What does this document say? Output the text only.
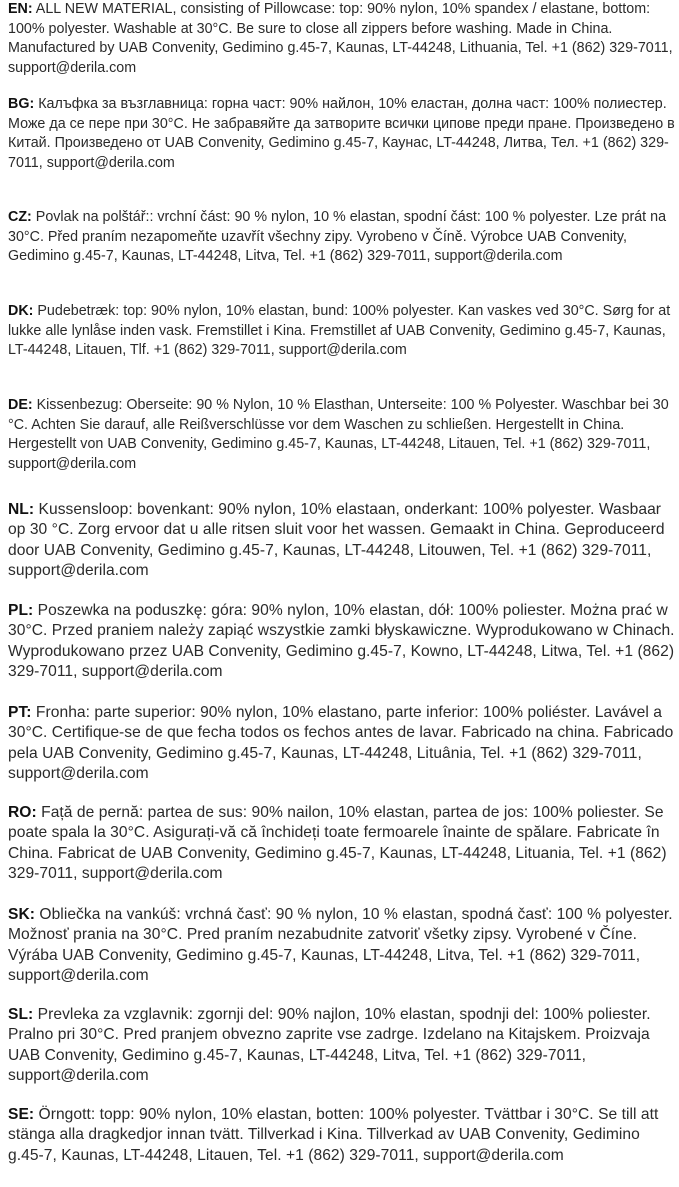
EN: ALL NEW MATERIAL, consisting of Pillowcase: top: 90% nylon, 10% spandex / elastane, bottom: 100% polyester. Washable at 30°C. Be sure to close all zippers before washing. Made in China. Manufactured by UAB Convenity, Gedimino g.45-7, Kaunas, LT-44248, Lithuania, Tel. +1 (862) 329-7011, support@derila.com

BG: Калъфка за възглавница: горна част: 90% найлон, 10% еластан, долна част: 100% полиестер. Може да се пере при 30°C. Не забравяйте да затворите всички ципове преди пране. Произведено в Китай. Произведено от UAB Convenity, Gedimino g.45-7, Каунас, LT-44248, Литва, Тел. +1 (862) 329-7011, support@derila.com

CZ: Povlak na polštář:: vrchní část: 90 % nylon, 10 % elastan, spodní část: 100 % polyester. Lze prát na 30°C. Před praním nezapomeňte uzavřít všechny zipy. Vyrobeno v Číně. Výrobce UAB Convenity, Gedimino g.45-7, Kaunas, LT-44248, Litva, Tel. +1 (862) 329-7011, support@derila.com

DK: Pudebetræk: top: 90% nylon, 10% elastan, bund: 100% polyester. Kan vaskes ved 30°C. Sørg for at lukke alle lynlåse inden vask. Fremstillet i Kina. Fremstillet af UAB Convenity, Gedimino g.45-7, Kaunas, LT-44248, Litauen, Tlf. +1 (862) 329-7011, support@derila.com

DE: Kissenbezug: Oberseite: 90 % Nylon, 10 % Elasthan, Unterseite: 100 % Polyester. Waschbar bei 30 °C. Achten Sie darauf, alle Reißverschlüsse vor dem Waschen zu schließen. Hergestellt in China. Hergestellt von UAB Convenity, Gedimino g.45-7, Kaunas, LT-44248, Litauen, Tel. +1 (862) 329-7011, support@derila.com

NL: Kussensloop: bovenkant: 90% nylon, 10% elastaan, onderkant: 100% polyester. Wasbaar op 30 °C. Zorg ervoor dat u alle ritsen sluit voor het wassen. Gemaakt in China. Geproduceerd door UAB Convenity, Gedimino g.45-7, Kaunas, LT-44248, Litouwen, Tel. +1 (862) 329-7011, support@derila.com

PL: Poszewka na poduszkę: góra: 90% nylon, 10% elastan, dół: 100% poliester. Można prać w 30°C. Przed praniem należy zapiąć wszystkie zamki błyskawiczne. Wyprodukowano w Chinach. Wyprodukowano przez UAB Convenity, Gedimino g.45-7, Kowno, LT-44248, Litwa, Tel. +1 (862) 329-7011, support@derila.com

PT: Fronha: parte superior: 90% nylon, 10% elastano, parte inferior: 100% poliéster. Lavável a 30°C. Certifique-se de que fecha todos os fechos antes de lavar. Fabricado na china. Fabricado pela UAB Convenity, Gedimino g.45-7, Kaunas, LT-44248, Lituânia, Tel. +1 (862) 329-7011, support@derila.com

RO: Față de pernă: partea de sus: 90% nailon, 10% elastan, partea de jos: 100% poliester. Se poate spala la 30°C. Asigurați-vă că închideți toate fermoarele înainte de spălare. Fabricate în China. Fabricat de UAB Convenity, Gedimino g.45-7, Kaunas, LT-44248, Lituania, Tel. +1 (862) 329-7011, support@derila.com

SK: Obliečka na vankúš: vrchná časť: 90 % nylon, 10 % elastan, spodná časť: 100 % polyester. Možnosť prania na 30°C. Pred praním nezabudnite zatvoriť všetky zipsy. Vyrobené v Číne. Výrába UAB Convenity, Gedimino g.45-7, Kaunas, LT-44248, Litva, Tel. +1 (862) 329-7011, support@derila.com

SL: Prevleka za vzglavnik: zgornji del: 90% najlon, 10% elastan, spodnji del: 100% poliester. Pralno pri 30°C. Pred pranjem obvezno zaprite vse zadrge. Izdelano na Kitajskem. Proizvaja UAB Convenity, Gedimino g.45-7, Kaunas, LT-44248, Litva, Tel. +1 (862) 329-7011, support@derila.com

SE: Örngott: topp: 90% nylon, 10% elastan, botten: 100% polyester. Tvättbar i 30°C. Se till att stänga alla dragkedjor innan tvätt. Tillverkad i Kina. Tillverkad av UAB Convenity, Gedimino g.45-7, Kaunas, LT-44248, Litauen, Tel. +1 (862) 329-7011, support@derila.com
